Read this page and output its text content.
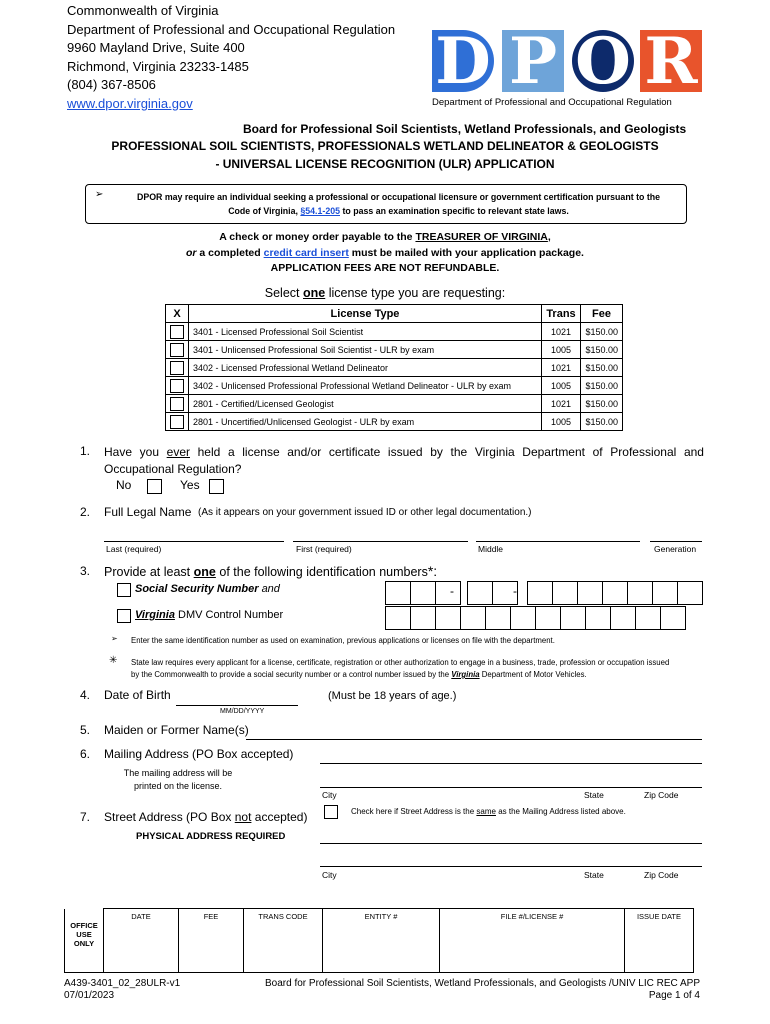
Commonwealth of Virginia
Department of Professional and Occupational Regulation
9960 Mayland Drive, Suite 400
Richmond, Virginia 23233-1485
(804) 367-8506
www.dpor.virginia.gov
D P O R
Department of Professional and Occupational Regulation
Board for Professional Soil Scientists, Wetland Professionals, and Geologists
PROFESSIONAL SOIL SCIENTISTS, PROFESSIONALS WETLAND DELINEATOR & GEOLOGISTS
- UNIVERSAL LICENSE RECOGNITION (ULR) APPLICATION
➢	DPOR may require an individual seeking a professional or occupational licensure or government certification pursuant to the
Code of Virginia, §54.1-205 to pass an examination specific to relevant state laws.
A check or money order payable to the TREASURER OF VIRGINIA,
or a completed credit card insert must be mailed with your application package.
APPLICATION FEES ARE NOT REFUNDABLE.
Select one license type you are requesting:
X	License Type	Trans	Fee
	3401 - Licensed Professional Soil Scientist	1021	$150.00
	3401 - Unlicensed Professional Soil Scientist - ULR by exam	1005	$150.00
	3402 - Licensed Professional Wetland Delineator	1021	$150.00
	3402 - Unlicensed Professional Professional Wetland Delineator - ULR by exam	1005	$150.00
	2801 - Certified/Licensed Geologist	1021	$150.00
	2801 - Uncertified/Unlicensed Geologist - ULR by exam	1005	$150.00
1. Have you ever held a license and/or certificate issued by the Virginia Department of Professional and Occupational Regulation?
No	Yes
2. Full Legal Name (As it appears on your government issued ID or other legal documentation.)
Last (required)	First (required)	Middle	Generation
3. Provide at least one of the following identification numbers*:
Social Security Number and
Virginia DMV Control Number
-	-
➢ Enter the same identification number as used on examination, previous applications or licenses on file with the department.
✳ State law requires every applicant for a license, certificate, registration or other authorization to engage in a business, trade, profession or occupation issued
by the Commonwealth to provide a social security number or a control number issued by the Virginia Department of Motor Vehicles.
4. Date of Birth
MM/DD/YYYY
(Must be 18 years of age.)
5. Maiden or Former Name(s)
6. Mailing Address (PO Box accepted)
The mailing address will be
printed on the license.
City	State	Zip Code
7. Street Address (PO Box not accepted)	Check here if Street Address is the same as the Mailing Address listed above.
PHYSICAL ADDRESS REQUIRED
City	State	Zip Code
OFFICE
USE
ONLY
	DATE	FEE	TRANS CODE	ENTITY #	FILE #/LICENSE #	ISSUE DATE
A439-3401_02_28ULR-v1
07/01/2023
Board for Professional Soil Scientists, Wetland Professionals, and Geologists /UNIV LIC REC APP
Page 1 of 4
